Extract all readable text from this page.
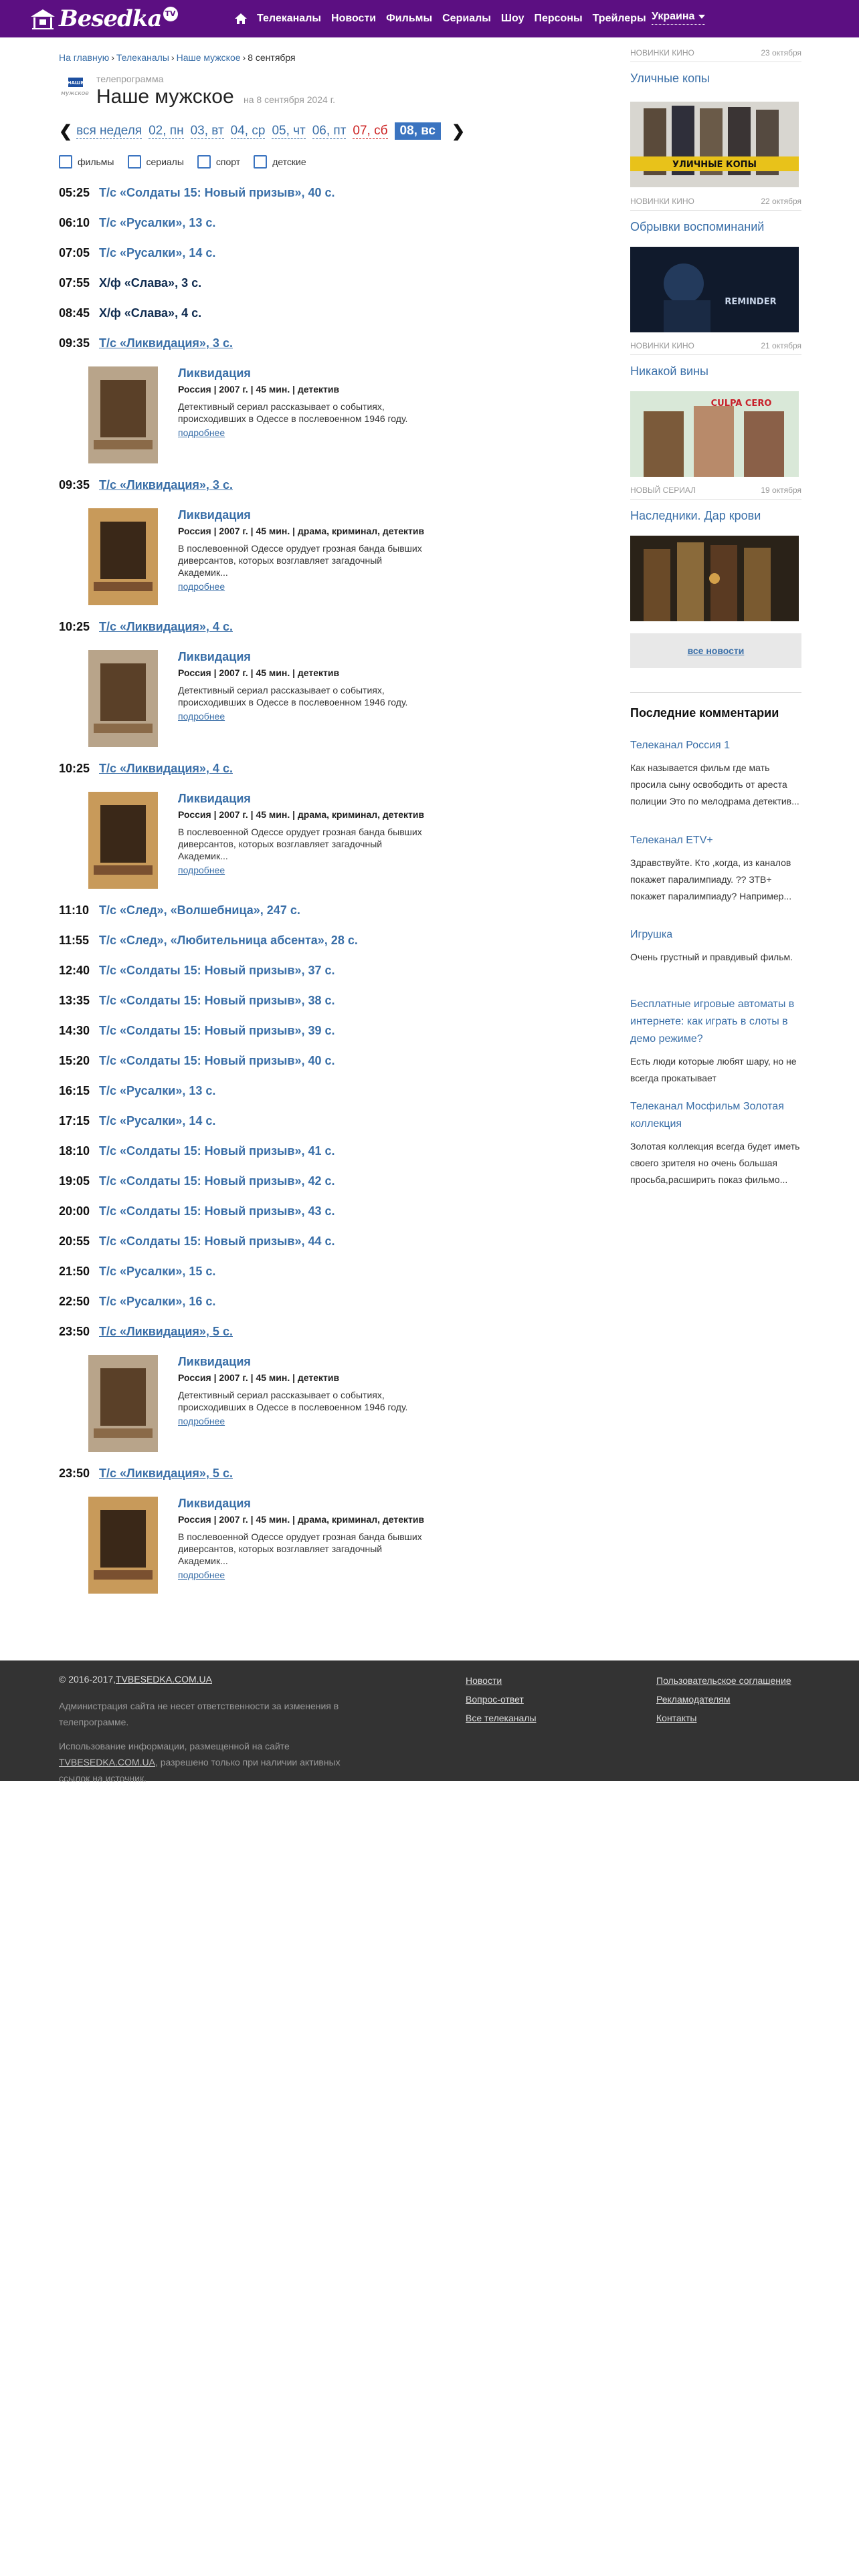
Besedka TV	Телеканалы Новости Фильмы Сериалы Шоу Персоны Трейлеры Украина
На главную › Телеканалы › Наше мужское › 8 сентября
НАШЕ
мужское
телепрограмма
Наше мужское на 8 сентября 2024 г.
❮ вся неделя 02, пн 03, вт 04, ср 05, чт 06, пт 07, сб 08, вс	❯
фильмы	сериалы	спорт	детские
05:25 Т/с «Солдаты 15: Новый призыв», 40 с.
06:10 Т/с «Русалки», 13 с.
07:05 Т/с «Русалки», 14 с.
07:55 Х/ф «Слава», 3 с.
08:45 Х/ф «Слава», 4 с.
09:35 Т/с «Ликвидация», 3 с.
Ликвидация
Россия | 2007 г. | 45 мин. | детектив
Детективный сериал рассказывает о событиях, происходивших в Одессе в послевоенном 1946 году.
подробнее
09:35 Т/с «Ликвидация», 3 с.
Ликвидация
Россия | 2007 г. | 45 мин. | драма, криминал, детектив
В послевоенной Одессе орудует грозная банда бывших диверсантов, которых возглавляет загадочный Академик...
подробнее
10:25 Т/с «Ликвидация», 4 с.
Ликвидация
Россия | 2007 г. | 45 мин. | детектив
Детективный сериал рассказывает о событиях, происходивших в Одессе в послевоенном 1946 году.
подробнее
10:25 Т/с «Ликвидация», 4 с.
Ликвидация
Россия | 2007 г. | 45 мин. | драма, криминал, детектив
В послевоенной Одессе орудует грозная банда бывших диверсантов, которых возглавляет загадочный Академик...
подробнее
11:10 Т/с «След», «Волшебница», 247 с.
11:55 Т/с «След», «Любительница абсента», 28 с.
12:40 Т/с «Солдаты 15: Новый призыв», 37 с.
13:35 Т/с «Солдаты 15: Новый призыв», 38 с.
14:30 Т/с «Солдаты 15: Новый призыв», 39 с.
15:20 Т/с «Солдаты 15: Новый призыв», 40 с.
16:15 Т/с «Русалки», 13 с.
17:15 Т/с «Русалки», 14 с.
18:10 Т/с «Солдаты 15: Новый призыв», 41 с.
19:05 Т/с «Солдаты 15: Новый призыв», 42 с.
20:00 Т/с «Солдаты 15: Новый призыв», 43 с.
20:55 Т/с «Солдаты 15: Новый призыв», 44 с.
21:50 Т/с «Русалки», 15 с.
22:50 Т/с «Русалки», 16 с.
23:50 Т/с «Ликвидация», 5 с.
Ликвидация
Россия | 2007 г. | 45 мин. | детектив
Детективный сериал рассказывает о событиях, происходивших в Одессе в послевоенном 1946 году.
подробнее
23:50 Т/с «Ликвидация», 5 с.
Ликвидация
Россия | 2007 г. | 45 мин. | драма, криминал, детектив
В послевоенной Одессе орудует грозная банда бывших диверсантов, которых возглавляет загадочный Академик...
подробнее
НОВИНКИ КИНО	23 октября
Уличные копы
УЛИЧНЫЕ КОПЫ
НОВИНКИ КИНО	22 октября
Обрывки воспоминаний
REMINDER
НОВИНКИ КИНО	21 октября
Никакой вины
CULPA CERO
НОВЫЙ СЕРИАЛ	19 октября
Наследники. Дар крови
все новости
Последние комментарии
Телеканал Россия 1
Как называется фильм где мать просила сыну освободить от ареста полиции Это по мелодрама детектив...
Телеканал ETV+
Здравствуйте. Кто ,когда, из каналов покажет паралимпиаду. ?? ЗТВ+ покажет паралимпиаду? Например...
Игрушка
Очень грустный и правдивый фильм.
Бесплатные игровые автоматы в интернете: как играть в слоты в демо режиме?
Есть люди которые любят шару, но не всегда прокатывает
Телеканал Мосфильм Золотая коллекция
Золотая коллекция всегда будет иметь своего зрителя но очень большая просьба,расширить показ фильмо...
© 2016-2017,TVBESEDKA.COM.UA
Администрация сайта не несет ответственности за изменения в телепрограмме.
Использование информации, размещенной на сайте TVBESEDKA.COM.UA, разрешено только при наличии активных ссылок на источник.
Новости
Вопрос-ответ
Все телеканалы
Пользовательское соглашение
Рекламодателям
Контакты
